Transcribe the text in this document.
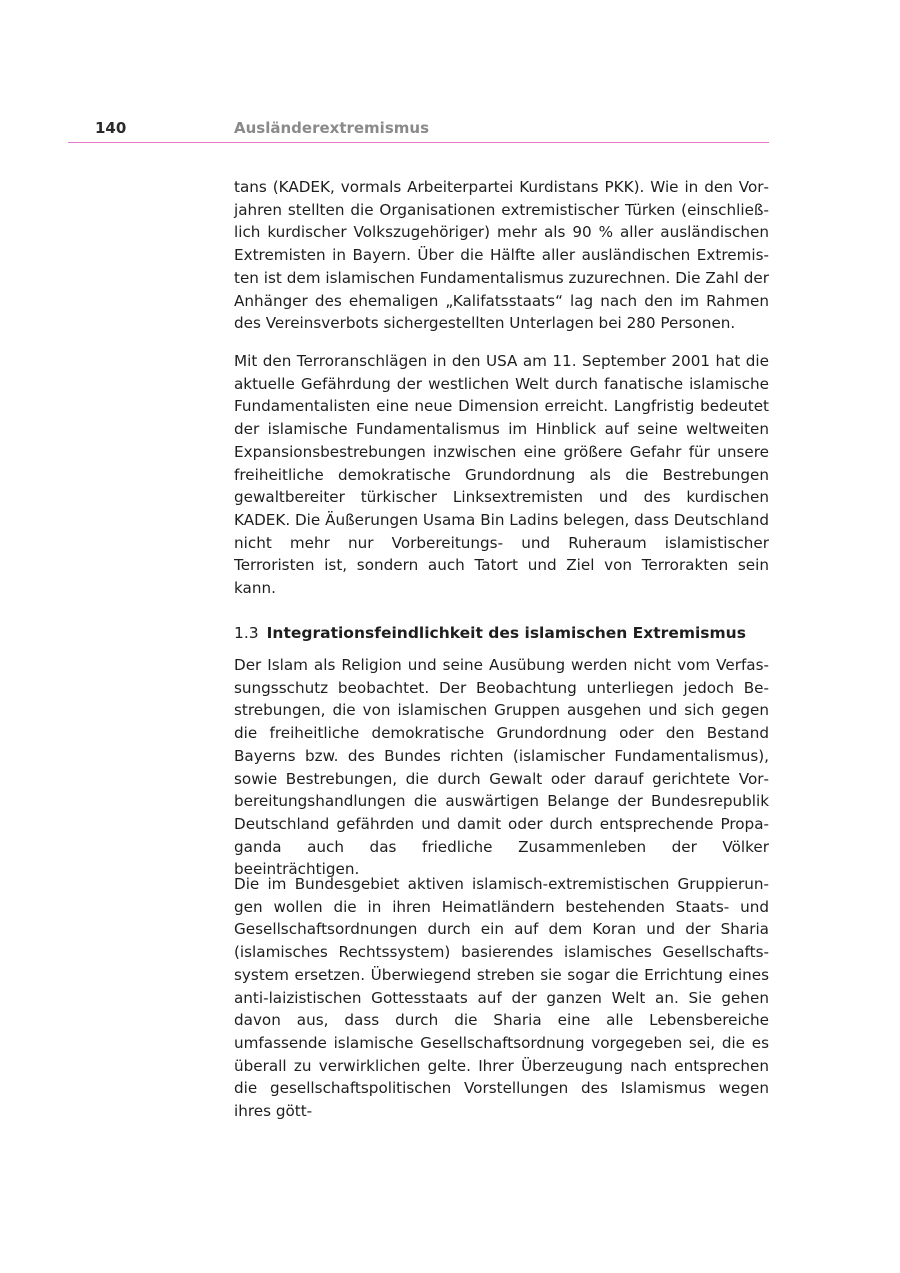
140	Ausländerextremismus

tans (KADEK, vormals Arbeiterpartei Kurdistans PKK). Wie in den Vorjahren stellten die Organisationen extremistischer Türken (einschließlich kurdischer Volkszugehöriger) mehr als 90 % aller ausländischen Extremisten in Bayern. Über die Hälfte aller ausländischen Extremisten ist dem islamischen Fundamentalismus zuzurechnen. Die Zahl der Anhänger des ehemaligen „Kalifatsstaats“ lag nach den im Rahmen des Vereinsverbots sichergestellten Unterlagen bei 280 Personen.

Mit den Terroranschlägen in den USA am 11. September 2001 hat die aktuelle Gefährdung der westlichen Welt durch fanatische islamische Fundamentalisten eine neue Dimension erreicht. Langfristig bedeutet der islamische Fundamentalismus im Hinblick auf seine weltweiten Expansionsbestrebungen inzwischen eine größere Gefahr für unsere freiheitliche demokratische Grundordnung als die Bestrebungen gewaltbereiter türkischer Linksextremisten und des kurdischen KADEK. Die Äußerungen Usama Bin Ladins belegen, dass Deutschland nicht mehr nur Vorbereitungs- und Ruheraum islamistischer Terroristen ist, sondern auch Tatort und Ziel von Terrorakten sein kann.

1.3 Integrationsfeindlichkeit des islamischen Extremismus

Der Islam als Religion und seine Ausübung werden nicht vom Verfassungsschutz beobachtet. Der Beobachtung unterliegen jedoch Bestrebungen, die von islamischen Gruppen ausgehen und sich gegen die freiheitliche demokratische Grundordnung oder den Bestand Bayerns bzw. des Bundes richten (islamischer Fundamentalismus), sowie Bestrebungen, die durch Gewalt oder darauf gerichtete Vorbereitungshandlungen die auswärtigen Belange der Bundesrepublik Deutschland gefährden und damit oder durch entsprechende Propaganda auch das friedliche Zusammenleben der Völker beeinträchtigen.

Die im Bundesgebiet aktiven islamisch-extremistischen Gruppierungen wollen die in ihren Heimatländern bestehenden Staats- und Gesellschaftsordnungen durch ein auf dem Koran und der Sharia (islamisches Rechtssystem) basierendes islamisches Gesellschaftssystem ersetzen. Überwiegend streben sie sogar die Errichtung eines anti-laizistischen Gottesstaats auf der ganzen Welt an. Sie gehen davon aus, dass durch die Sharia eine alle Lebensbereiche umfassende islamische Gesellschaftsordnung vorgegeben sei, die es überall zu verwirklichen gelte. Ihrer Überzeugung nach entsprechen die gesellschaftspolitischen Vorstellungen des Islamismus wegen ihres gött-
